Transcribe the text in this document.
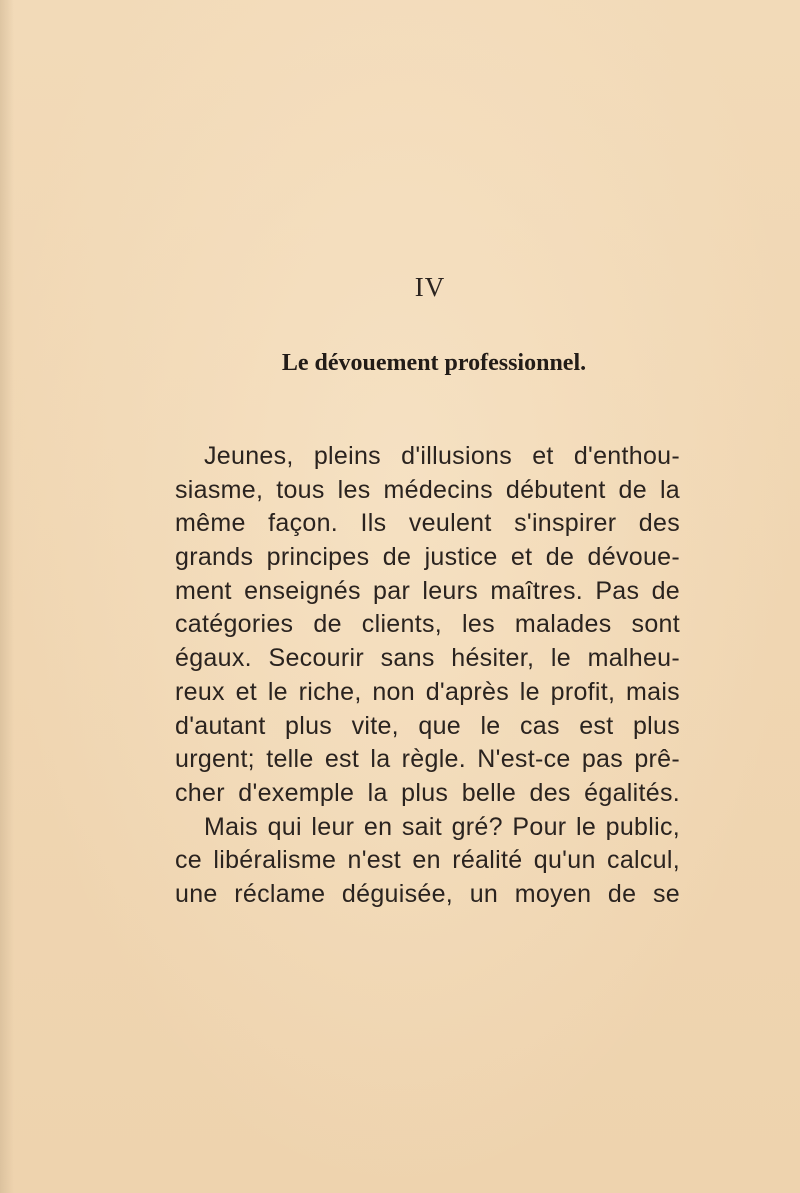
IV
Le dévouement professionnel.
Jeunes, pleins d'illusions et d'enthou-
siasme, tous les médecins débutent de la
même façon. Ils veulent s'inspirer des
grands principes de justice et de dévoue-
ment enseignés par leurs maîtres. Pas de
catégories de clients, les malades sont
égaux. Secourir sans hésiter, le malheu-
reux et le riche, non d'après le profit, mais
d'autant plus vite, que le cas est plus
urgent; telle est la règle. N'est-ce pas prê-
cher d'exemple la plus belle des égalités.
Mais qui leur en sait gré? Pour le public,
ce libéralisme n'est en réalité qu'un calcul,
une réclame déguisée, un moyen de se
